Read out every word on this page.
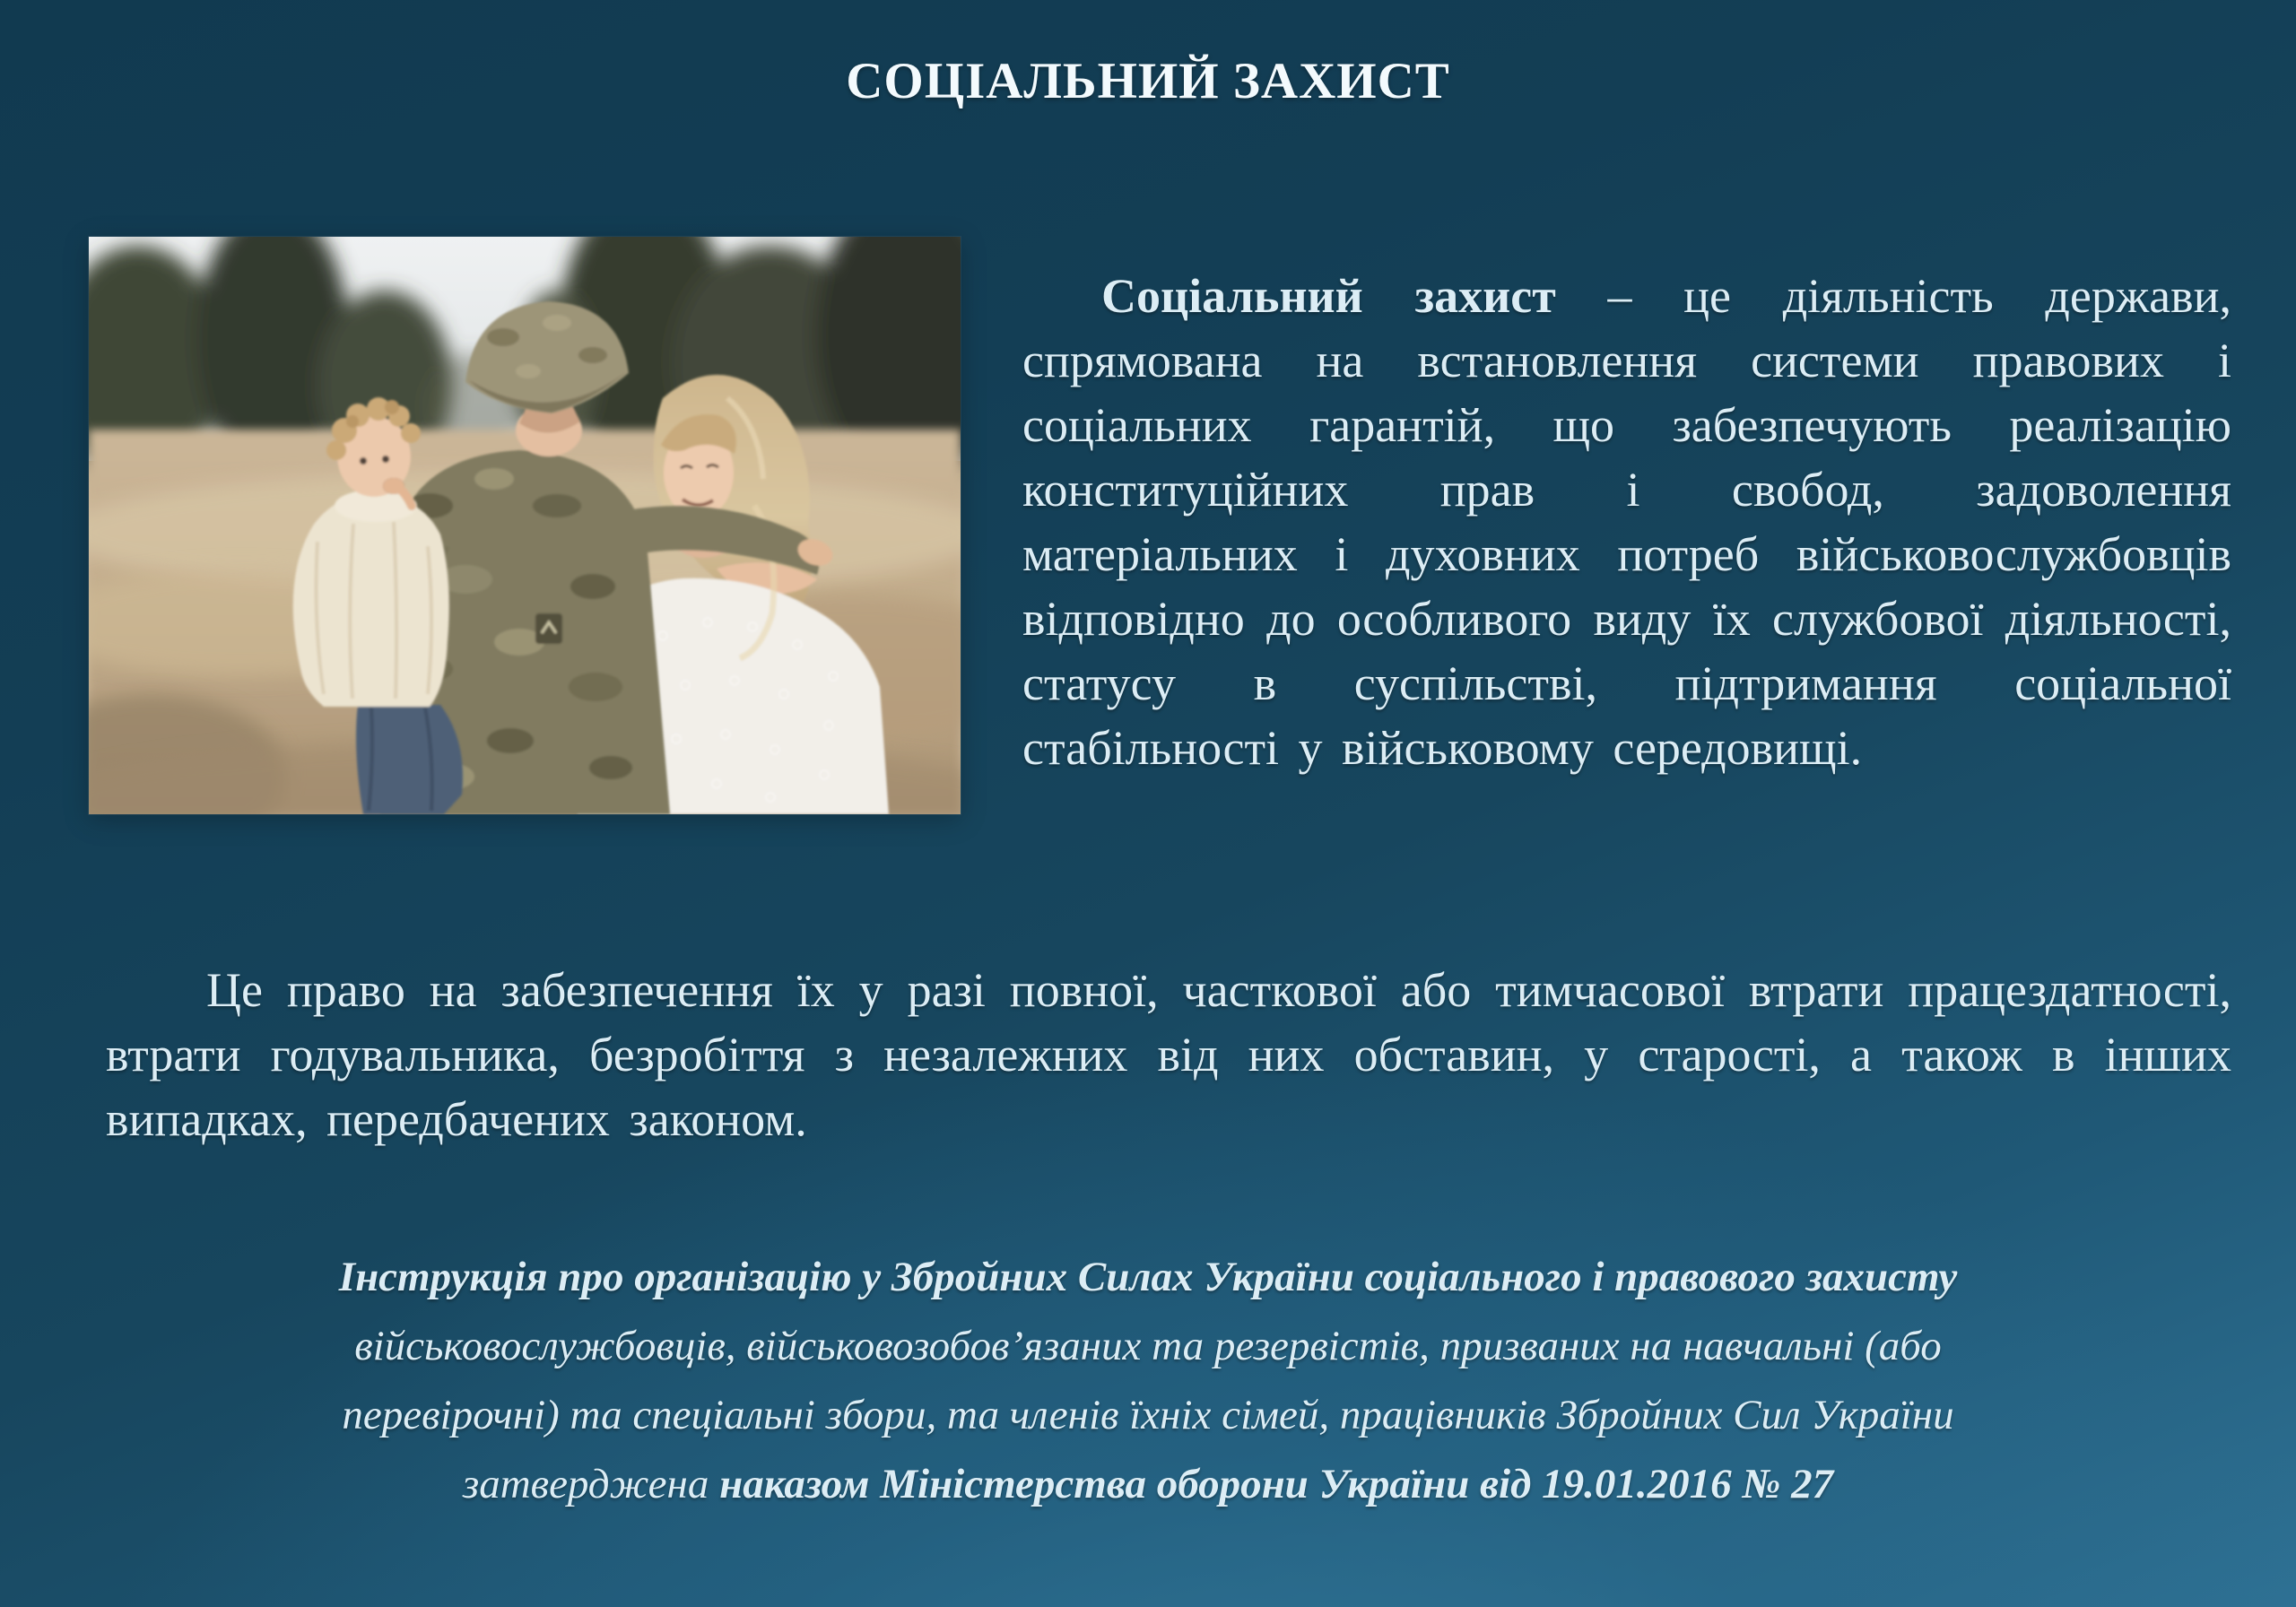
СОЦІАЛЬНИЙ ЗАХИСТ

Соціальний захист – це діяльність держави, спрямована на встановлення системи правових і соціальних гарантій, що забезпечують реалізацію конституційних прав і свобод, задоволення матеріальних і духовних потреб військовослужбовців відповідно до особливого виду їх службової діяльності, статусу в суспільстві, підтримання соціальної стабільності у військовому середовищі.

Це право на забезпечення їх у разі повної, часткової або тимчасової втрати працездатності, втрати годувальника, безробіття з незалежних від них обставин, у старості, а також в інших випадках, передбачених законом.

Інструкція про організацію у Збройних Силах України соціального і правового захисту
військовослужбовців, військовозобов’язаних та резервістів, призваних на навчальні (або
перевірочні) та спеціальні збори, та членів їхніх сімей, працівників Збройних Сил України
затверджена наказом Міністерства оборони України від 19.01.2016 № 27
